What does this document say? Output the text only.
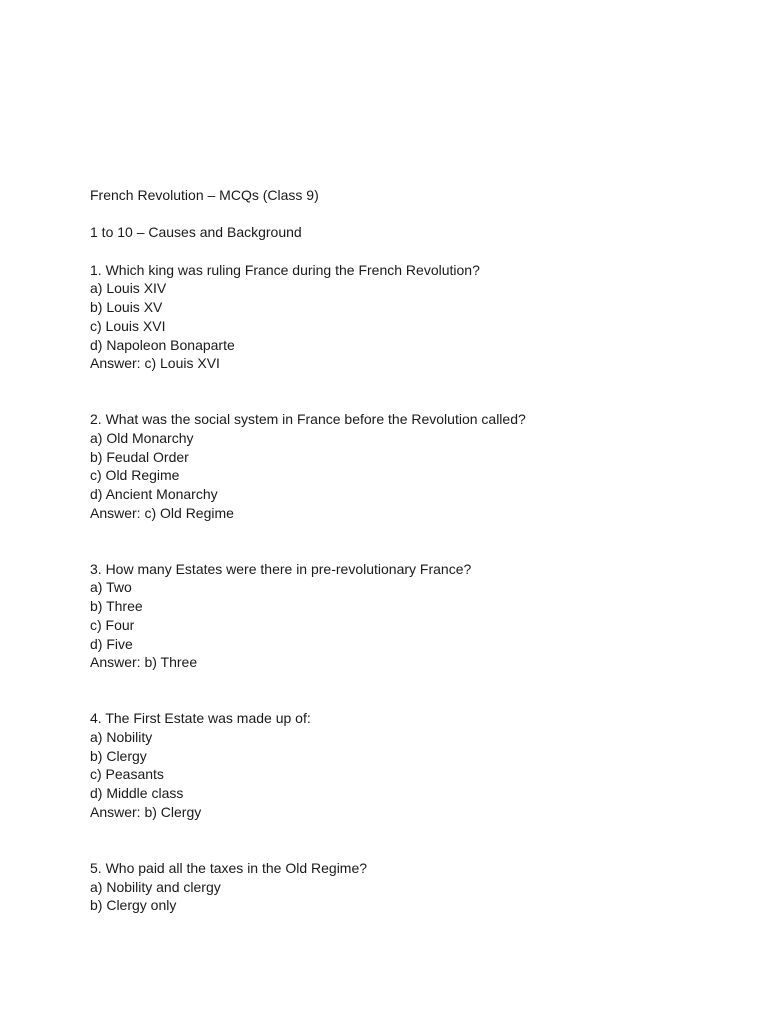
French Revolution – MCQs (Class 9)

1 to 10 – Causes and Background

1. Which king was ruling France during the French Revolution?

a) Louis XIV

b) Louis XV

c) Louis XVI

d) Napoleon Bonaparte

Answer: c) Louis XVI

2. What was the social system in France before the Revolution called?

a) Old Monarchy

b) Feudal Order

c) Old Regime

d) Ancient Monarchy

Answer: c) Old Regime

3. How many Estates were there in pre-revolutionary France?

a) Two

b) Three

c) Four

d) Five

Answer: b) Three

4. The First Estate was made up of:

a) Nobility

b) Clergy

c) Peasants

d) Middle class

Answer: b) Clergy

5. Who paid all the taxes in the Old Regime?

a) Nobility and clergy

b) Clergy only
